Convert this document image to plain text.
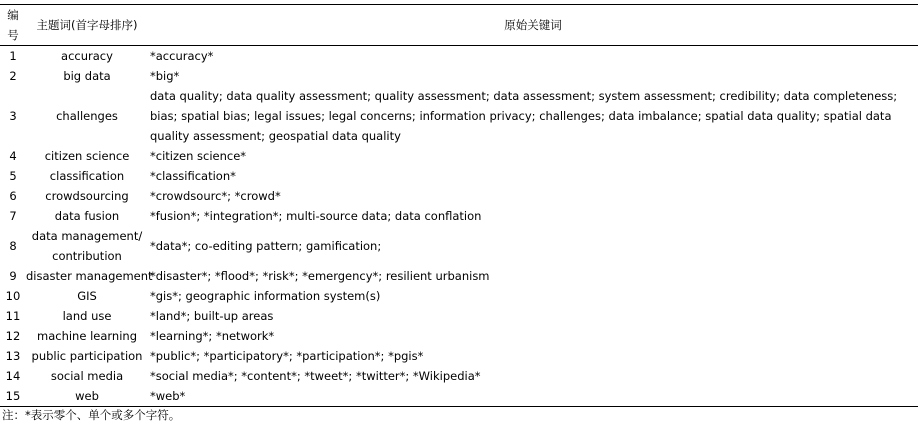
编
号	主题词(首字母排序)	原始关键词
1	accuracy	*accuracy*
2	big data	*big*
3	challenges	data quality; data quality assessment; quality assessment; data assessment; system assessment; credibility; data completeness; bias; spatial bias; legal issues; legal concerns; information privacy; challenges; data imbalance; spatial data quality; spatial data quality assessment; geospatial data quality
4	citizen science	*citizen science*
5	classification	*classification*
6	crowdsourcing	*crowdsourc*; *crowd*
7	data fusion	*fusion*; *integration*; multi-source data; data conflation
8	data management/
contribution	*data*; co-editing pattern; gamification;
9	disaster management	*disaster*; *flood*; *risk*; *emergency*; resilient urbanism
10	GIS	*gis*; geographic information system(s)
11	land use	*land*; built-up areas
12	machine learning	*learning*; *network*
13	public participation	*public*; *participatory*; *participation*; *pgis*
14	social media	*social media*; *content*; *tweet*; *twitter*; *Wikipedia*
15	web	*web*
注：*表示零个、单个或多个字符。
